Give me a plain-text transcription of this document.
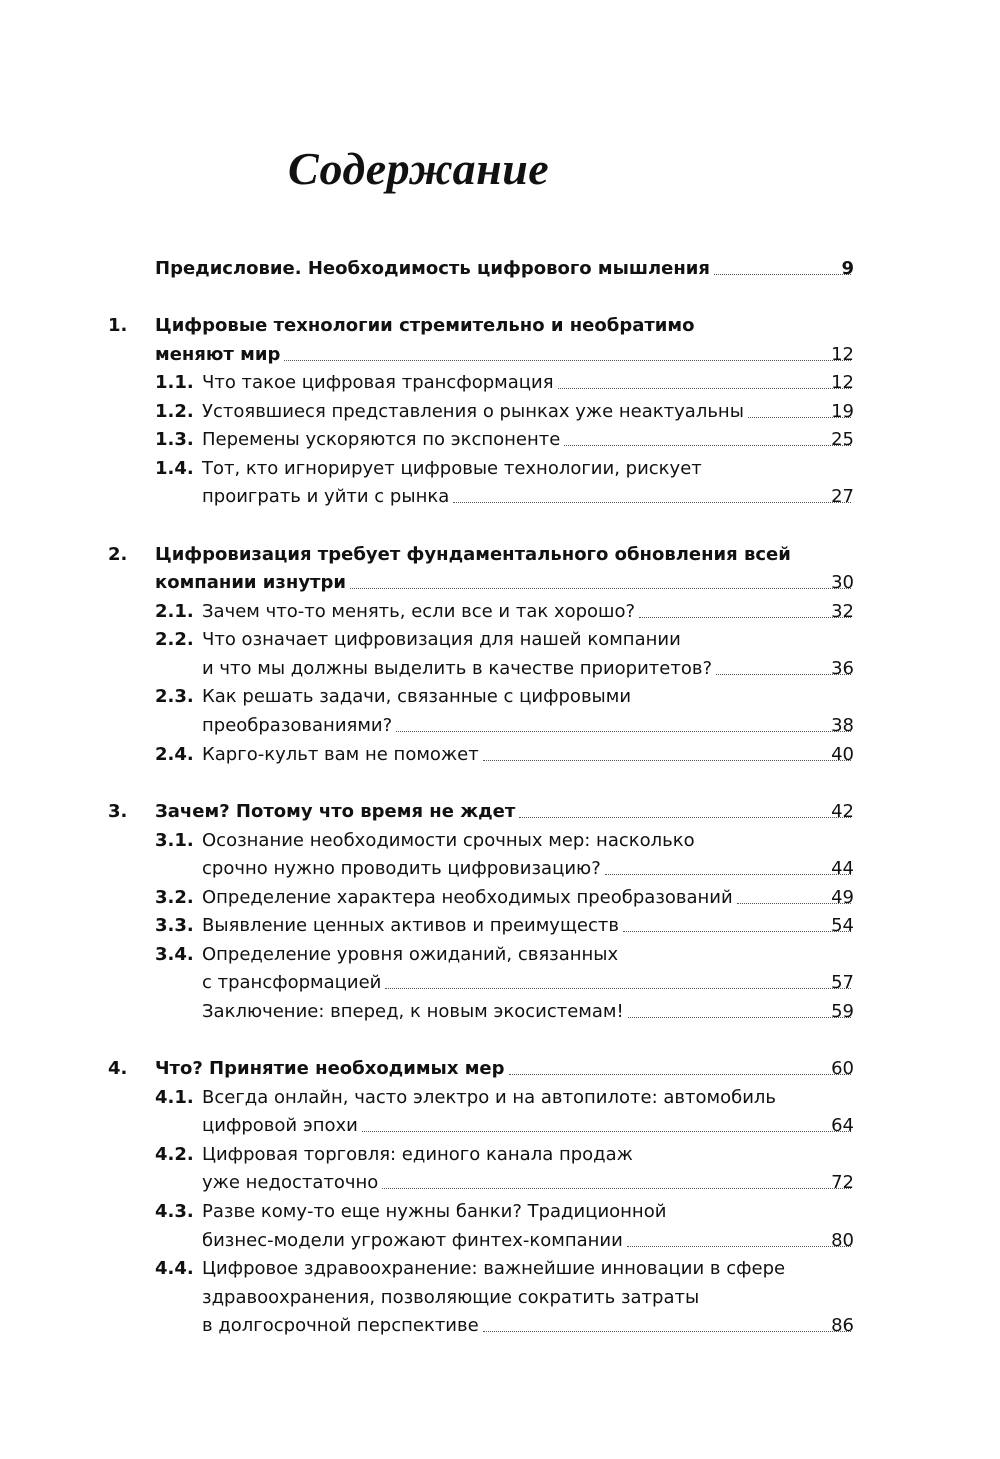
Содержание
Предисловие. Необходимость цифрового мышления	9
1. Цифровые технологии стремительно и необратимо
меняют мир	12
1.1. Что такое цифровая трансформация	12
1.2. Устоявшиеся представления о рынках уже неактуальны	19
1.3. Перемены ускоряются по экспоненте	25
1.4. Тот, кто игнорирует цифровые технологии, рискует
проиграть и уйти с рынка	27
2. Цифровизация требует фундаментального обновления всей
компании изнутри	30
2.1. Зачем что-то менять, если все и так хорошо?	32
2.2. Что означает цифровизация для нашей компании
и что мы должны выделить в качестве приоритетов?	36
2.3. Как решать задачи, связанные с цифровыми
преобразованиями?	38
2.4. Карго-культ вам не поможет	40
3. Зачем? Потому что время не ждет	42
3.1. Осознание необходимости срочных мер: насколько
срочно нужно проводить цифровизацию?	44
3.2. Определение характера необходимых преобразований	49
3.3. Выявление ценных активов и преимуществ	54
3.4. Определение уровня ожиданий, связанных
с трансформацией	57
Заключение: вперед, к новым экосистемам!	59
4. Что? Принятие необходимых мер	60
4.1. Всегда онлайн, часто электро и на автопилоте: автомобиль
цифровой эпохи	64
4.2. Цифровая торговля: единого канала продаж
уже недостаточно	72
4.3. Разве кому-то еще нужны банки? Традиционной
бизнес-модели угрожают финтех-компании	80
4.4. Цифровое здравоохранение: важнейшие инновации в сфере
здравоохранения, позволяющие сократить затраты
в долгосрочной перспективе	86
